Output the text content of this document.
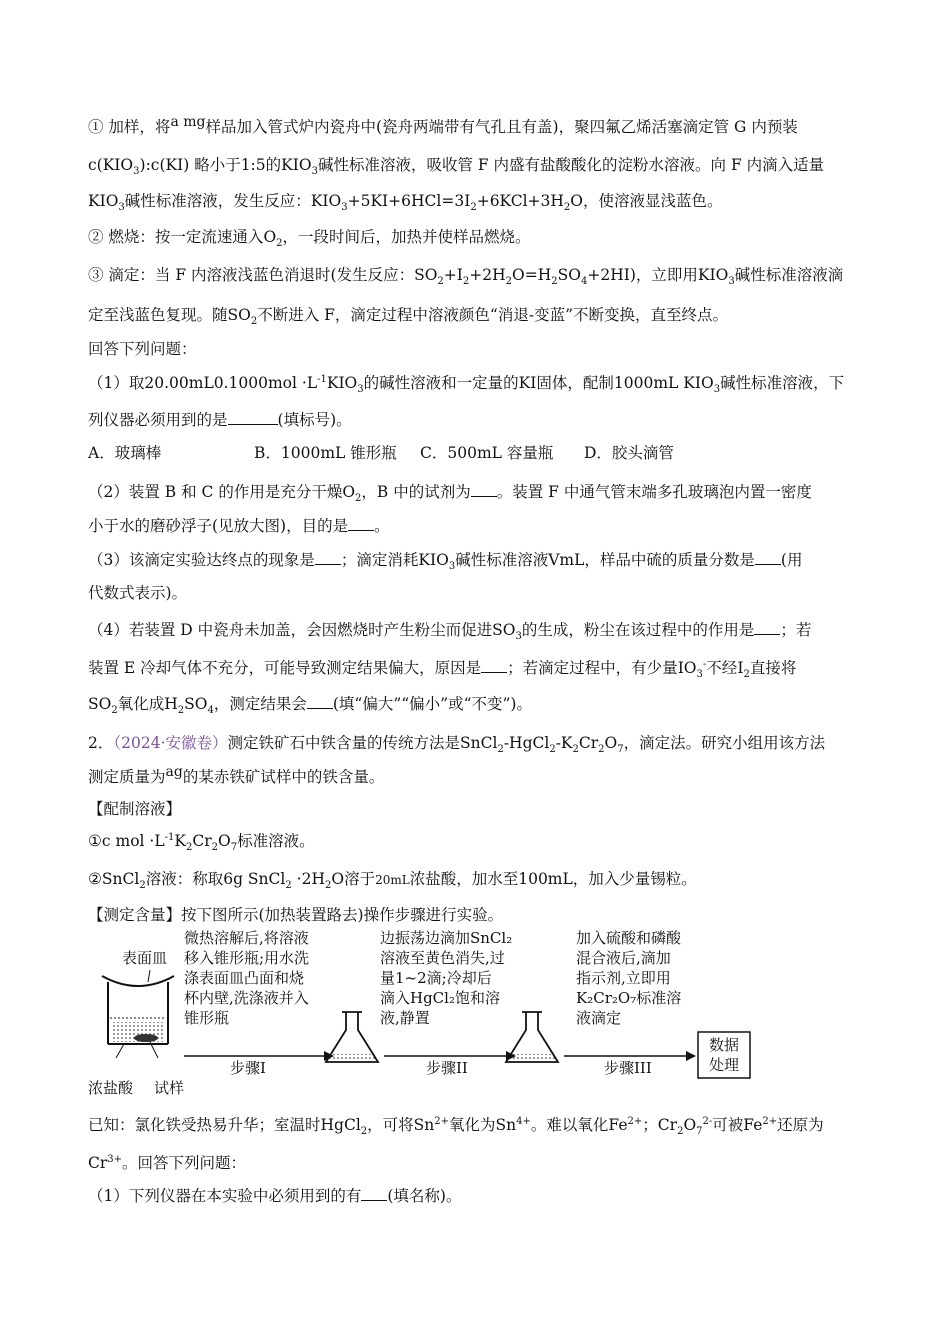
① 加样，将$^{a mg}$样品加入管式炉内瓷舟中(瓷舟两端带有气孔且有盖)，聚四氟乙烯活塞滴定管 G 内预装
$c(KIO_3):c(KI)$ 略小于1:5的$KIO_3$碱性标准溶液，吸收管 F 内盛有盐酸酸化的淀粉水溶液。向 F 内滴入适量
$KIO_3$碱性标准溶液，发生反应：$KIO_3+5KI+6HCl=3I_2+6KCl+3H_2O$，使溶液显浅蓝色。
② 燃烧：按一定流速通入$O_2$，一段时间后，加热并使样品燃烧。
③ 滴定：当 F 内溶液浅蓝色消退时(发生反应：$SO_2+I_2+2H_2O=H_2SO_4+2HI$)，立即用$KIO_3$碱性标准溶液滴
定至浅蓝色复现。随$SO_2$不断进入 F，滴定过程中溶液颜色“消退-变蓝”不断变换，直至终点。
回答下列问题：
（1）取$20.00mL0.1000mol \cdot L^{-1}KIO_3$的碱性溶液和一定量的KI固体，配制1000mL $KIO_3$碱性标准溶液，下
列仪器必须用到的是	(填标号)。
A．玻璃棒	B．1000mL 锥形瓶 C．500mL 容量瓶 D．胶头滴管
（2）装置 B 和 C 的作用是充分干燥$O_2$，B 中的试剂为 。装置 F 中通气管末端多孔玻璃泡内置一密度
小于水的磨砂浮子(见放大图)，目的是 。
（3）该滴定实验达终点的现象是 ；滴定消耗$KIO_3$碱性标准溶液VmL，样品中硫的质量分数是 (用
代数式表示)。
（4）若装置 D 中瓷舟未加盖，会因燃烧时产生粉尘而促进$SO_3$的生成，粉尘在该过程中的作用是 ；若
装置 E 冷却气体不充分，可能导致测定结果偏大，原因是 ；若滴定过程中，有少量$IO_3^-$不经$I_2$直接将
$SO_2$氧化成$H_2SO_4$，测定结果会 (填“偏大”“偏小”或“不变”)。
2．（2024·安徽卷）测定铁矿石中铁含量的传统方法是$SnCl_2-HgCl_2-K_2Cr_2O_7$，滴定法。研究小组用该方法
测定质量为$^{ag}$的某赤铁矿试样中的铁含量。
【配制溶液】
①c mol $\cdot L^{-1}K_2Cr_2O_7$标准溶液。
②SnCl$_2$溶液：称取6g SnCl$_2$ $\cdot 2H_2O$溶于20mL浓盐酸，加水至100mL，加入少量锡粒。
【测定含量】按下图所示(加热装置路去)操作步骤进行实验。
表面皿
浓盐酸 试样
微热溶解后,将溶液
移入锥形瓶;用水洗
涤表面皿凸面和烧
杯内壁,洗涤液并入
锥形瓶
步骤I
边振荡边滴加SnCl₂
溶液至黄色消失,过
量1~2滴;冷却后
滴入HgCl₂饱和溶
液,静置
步骤II
加入硫酸和磷酸
混合液后,滴加
指示剂,立即用
K₂Cr₂O₇标准溶
液滴定
步骤III
数据
处理
已知：氯化铁受热易升华；室温时HgCl$_2$，可将$Sn^{2+}$氧化为$Sn^{4+}$。难以氧化$Fe^{2+}$；$Cr_2O_7^{2-}$可被$Fe^{2+}$还原为
$Cr^{3+}$。回答下列问题：
（1）下列仪器在本实验中必须用到的有 (填名称)。
